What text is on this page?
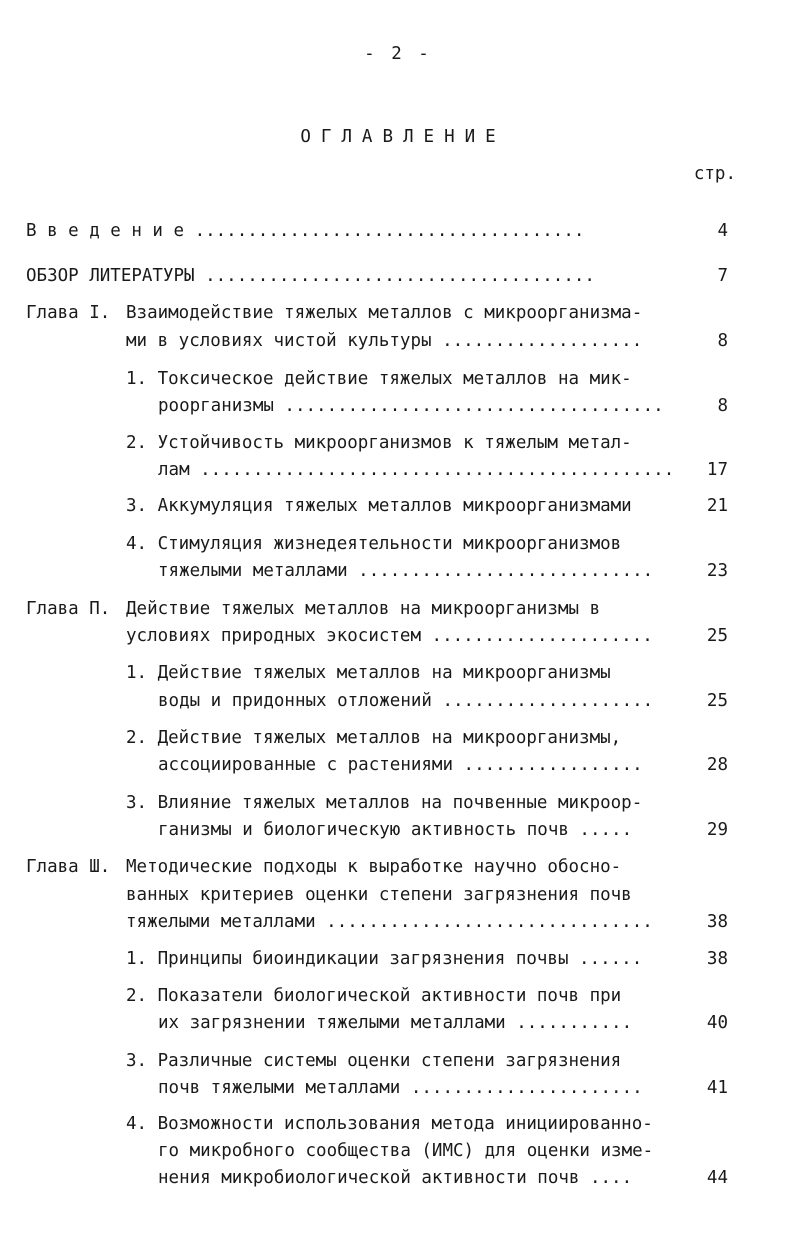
- 2 -
ОГЛАВЛЕНИЕ
стр.
В в е д е н и е .....................................	4
ОБЗОР ЛИТЕРАТУРЫ .....................................	7
Глава I. Взаимодействие тяжелых металлов с микроорганизма-
ми в условиях чистой культуры ...................	8
1. Токсическое действие тяжелых металлов на мик-
роорганизмы ....................................	8
2. Устойчивость микроорганизмов к тяжелым метал-
лам .............................................	17
3. Аккумуляция тяжелых металлов микроорганизмами	21
4. Стимуляция жизнедеятельности микроорганизмов
тяжелыми металлами ............................	23
Глава П. Действие тяжелых металлов на микроорганизмы в
условиях природных экосистем .....................	25
1. Действие тяжелых металлов на микроорганизмы
воды и придонных отложений ....................	25
2. Действие тяжелых металлов на микроорганизмы,
ассоциированные с растениями .................	28
3. Влияние тяжелых металлов на почвенные микроор-
ганизмы и биологическую активность почв .....	29
Глава Ш. Методические подходы к выработке научно обосно-
ванных критериев оценки степени загрязнения почв
тяжелыми металлами ...............................	38
1. Принципы биоиндикации загрязнения почвы ......	38
2. Показатели биологической активности почв при
их загрязнении тяжелыми металлами ...........	40
3. Различные системы оценки степени загрязнения
почв тяжелыми металлами ......................	41
4. Возможности использования метода инициированно-
го микробного сообщества (ИМС) для оценки изме-
нения микробиологической активности почв ....	44
